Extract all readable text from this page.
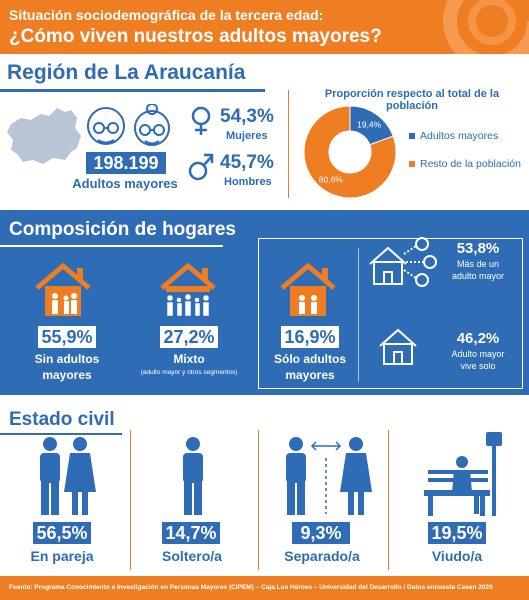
Situación sociodemográfica de la tercera edad:
¿Cómo viven nuestros adultos mayores?
Región de La Araucanía
198.199
Adultos mayores
54,3%
Mujeres
45,7%
Hombres
Proporción respecto al total de la población
19,4%
80,6%
Adultos mayores
Resto de la población
Composición de hogares
55,9%
Sin adultos
mayores
27,2%
Mixto
(adulto mayor y otros segmentos)
16,9%
Sólo adultos
mayores
53,8%
Más de un
adulto mayor
46,2%
Adulto mayor
vive solo
Estado civil
56,5%
En pareja
14,7%
Soltero/a
9,3%
Separado/a
19,5%
Viudo/a
Fuente: Programa Conocimiento e Investigación en Personas Mayores (CIPEM) – Caja Los Héroes – Universidad del Desarrollo / Datos encuesta Casen 2020
